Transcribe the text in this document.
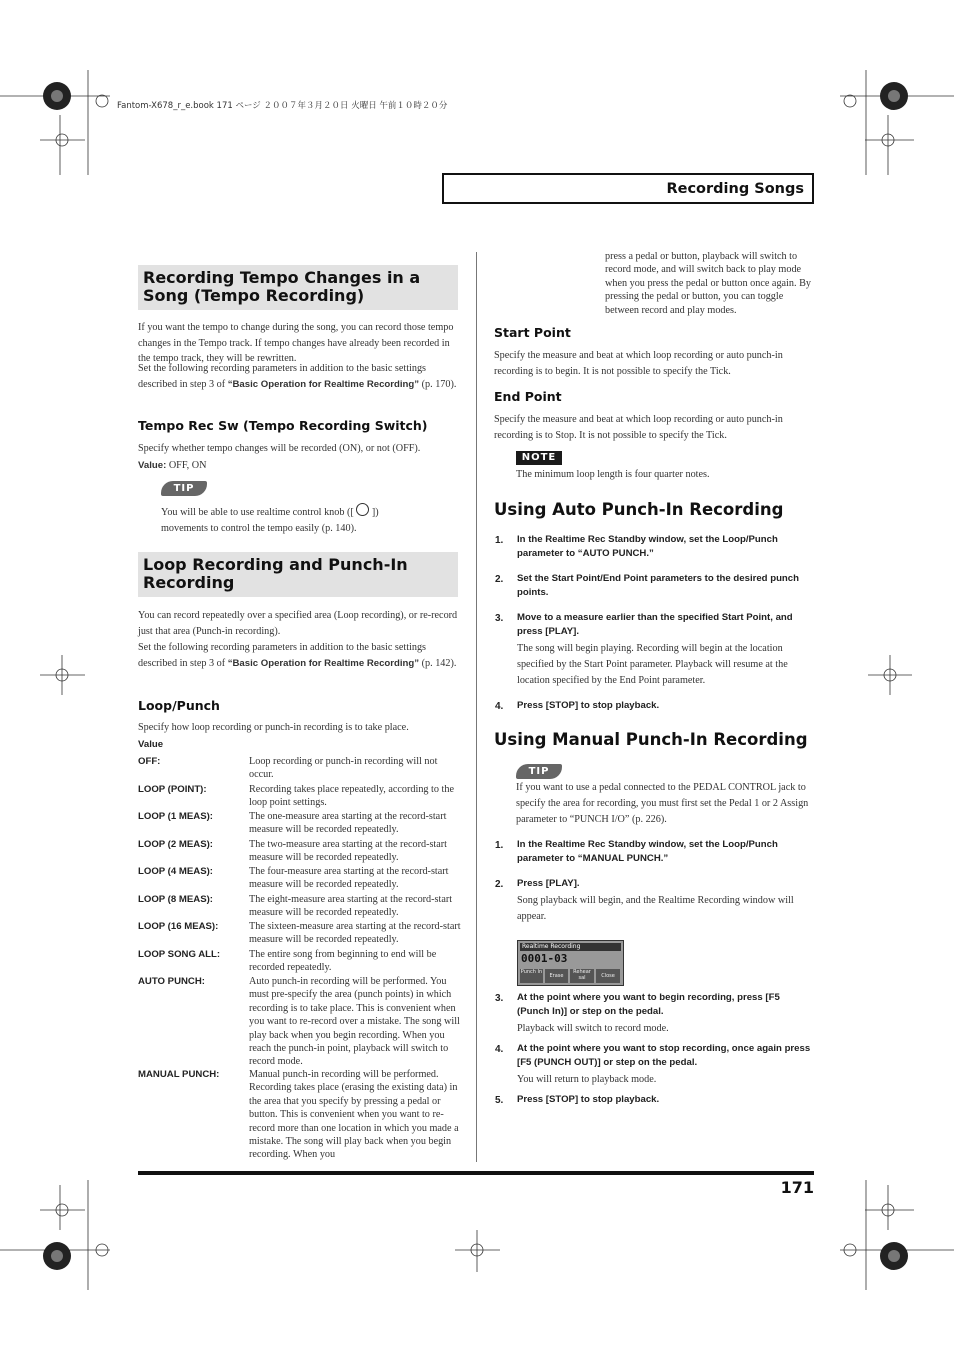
Fantom-X678_r_e.book 171 ページ ２００７年３月２０日 火曜日 午前１０時２０分
Recording Songs
Recording Tempo Changes in a Song (Tempo Recording)
If you want the tempo to change during the song, you can record those tempo changes in the Tempo track. If tempo changes have already been recorded in the tempo track, they will be rewritten.
Set the following recording parameters in addition to the basic settings described in step 3 of “Basic Operation for Realtime Recording” (p. 170).
Tempo Rec Sw (Tempo Recording Switch)
Specify whether tempo changes will be recorded (ON), or not (OFF).
Value: OFF, ON
TIP
You will be able to use realtime control knob ([ ]) movements to control the tempo easily (p. 140).
Loop Recording and Punch-In Recording
You can record repeatedly over a specified area (Loop recording), or re-record just that area (Punch-in recording).
Set the following recording parameters in addition to the basic settings described in step 3 of “Basic Operation for Realtime Recording” (p. 142).
Loop/Punch
Specify how loop recording or punch-in recording is to take place.
Value
OFF:	Loop recording or punch-in recording will not occur.
LOOP (POINT):	Recording takes place repeatedly, according to the loop point settings.
LOOP (1 MEAS):	The one-measure area starting at the record-start measure will be recorded repeatedly.
LOOP (2 MEAS):	The two-measure area starting at the record-start measure will be recorded repeatedly.
LOOP (4 MEAS):	The four-measure area starting at the record-start measure will be recorded repeatedly.
LOOP (8 MEAS):	The eight-measure area starting at the record-start measure will be recorded repeatedly.
LOOP (16 MEAS):	The sixteen-measure area starting at the record-start measure will be recorded repeatedly.
LOOP SONG ALL:	The entire song from beginning to end will be recorded repeatedly.
AUTO PUNCH:	Auto punch-in recording will be performed. You must pre-specify the area (punch points) in which recording is to take place. This is convenient when you want to re-record over a mistake. The song will play back when you begin recording. When you reach the punch-in point, playback will switch to record mode.
MANUAL PUNCH:	Manual punch-in recording will be performed. Recording takes place (erasing the existing data) in the area that you specify by pressing a pedal or button. This is convenient when you want to re-record more than one location in which you made a mistake. The song will play back when you begin recording. When you
press a pedal or button, playback will switch to record mode, and will switch back to play mode when you press the pedal or button once again. By pressing the pedal or button, you can toggle between record and play modes.
Start Point
Specify the measure and beat at which loop recording or auto punch-in recording is to begin. It is not possible to specify the Tick.
End Point
Specify the measure and beat at which loop recording or auto punch-in recording is to Stop. It is not possible to specify the Tick.
NOTE
The minimum loop length is four quarter notes.
Using Auto Punch-In Recording
1. In the Realtime Rec Standby window, set the Loop/Punch parameter to “AUTO PUNCH.”
2. Set the Start Point/End Point parameters to the desired punch points.
3. Move to a measure earlier than the specified Start Point, and press [PLAY].
The song will begin playing. Recording will begin at the location specified by the Start Point parameter. Playback will resume at the location specified by the End Point parameter.
4. Press [STOP] to stop playback.
Using Manual Punch-In Recording
TIP
If you want to use a pedal connected to the PEDAL CONTROL jack to specify the area for recording, you must first set the Pedal 1 or 2 Assign parameter to “PUNCH I/O” (p. 226).
1. In the Realtime Rec Standby window, set the Loop/Punch parameter to “MANUAL PUNCH.”
2. Press [PLAY].
Song playback will begin, and the Realtime Recording window will appear.
Realtime Recording
0001-03
Punch In
Erase
Rehear sal	Close
3. At the point where you want to begin recording, press [F5 (Punch In)] or step on the pedal.
Playback will switch to record mode.
4. At the point where you want to stop recording, once again press [F5 (PUNCH OUT)] or step on the pedal.
You will return to playback mode.
5. Press [STOP] to stop playback.
171
